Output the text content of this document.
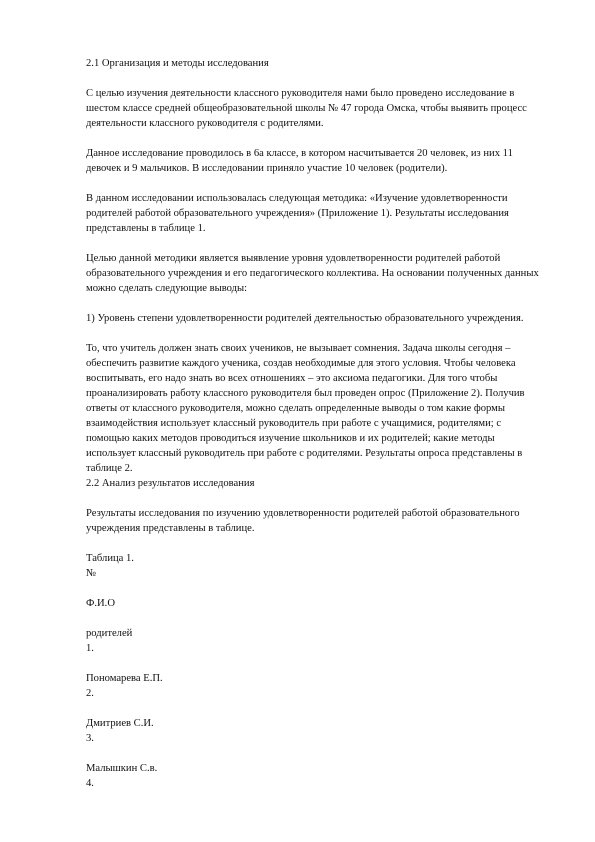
2.1 Организация и методы исследования

С целью изучения деятельности классного руководителя нами было проведено исследование в шестом классе средней общеобразовательной школы № 47 города Омска, чтобы выявить процесс деятельности классного руководителя с родителями.

Данное исследование проводилось в 6а классе, в котором насчитывается 20 человек, из них 11 девочек и 9 мальчиков. В исследовании приняло участие 10 человек (родители).

В данном исследовании использовалась следующая методика: «Изучение удовлетворенности родителей работой образовательного учреждения» (Приложение 1). Результаты исследования представлены в таблице 1.

Целью данной методики является выявление уровня удовлетворенности родителей работой образовательного учреждения и его педагогического коллектива. На основании полученных данных можно сделать следующие выводы:

1) Уровень степени удовлетворенности родителей деятельностью образовательного учреждения.

То, что учитель должен знать своих учеников, не вызывает сомнения. Задача школы сегодня – обеспечить развитие каждого ученика, создав необходимые для этого условия. Чтобы человека воспитывать, его надо знать во всех отношениях – это аксиома педагогики. Для того чтобы проанализировать работу классного руководителя был проведен опрос (Приложение 2). Получив ответы от классного руководителя, можно сделать определенные выводы о том какие формы взаимодействия использует классный руководитель при работе с учащимися, родителями; с помощью каких методов проводиться изучение школьников и их родителей; какие методы использует классный руководитель при работе с родителями. Результаты опроса представлены в таблице 2.

2.2 Анализ результатов исследования

Результаты исследования по изучению удовлетворенности родителей работой образовательного учреждения представлены в таблице.

Таблица 1.

№

Ф.И.О

родителей

1.

Пономарева Е.П.

2.

Дмитриев С.И.

3.

Малышкин С.в.

4.
